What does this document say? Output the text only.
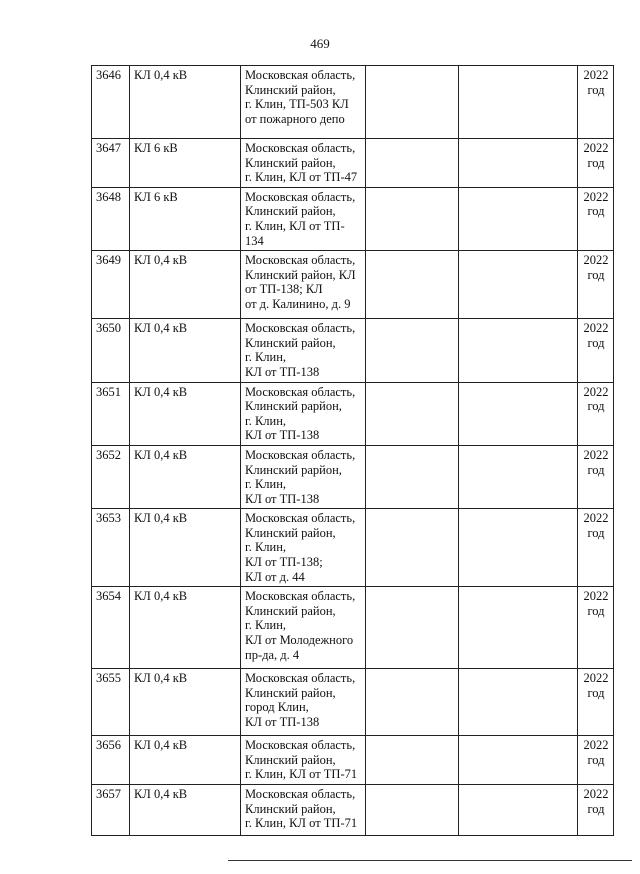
469
3646	КЛ 0,4 кВ	Московская область,
Клинский район,
г. Клин, ТП-503 КЛ
от пожарного депо			2022
год

3647	КЛ 6 кВ	Московская область,
Клинский район,
г. Клин, КЛ от ТП-47			2022
год

3648	КЛ 6 кВ	Московская область,
Клинский район,
г. Клин, КЛ от ТП-
134			2022
год

3649	КЛ 0,4 кВ	Московская область,
Клинский район, КЛ
от ТП-138; КЛ
от д. Калинино, д. 9			2022
год

3650	КЛ 0,4 кВ	Московская область,
Клинский район,
г. Клин,
КЛ от ТП-138			2022
год

3651	КЛ 0,4 кВ	Московская область,
Клинский рарйон,
г. Клин,
КЛ от ТП-138			2022
год

3652	КЛ 0,4 кВ	Московская область,
Клинский рарйон,
г. Клин,
КЛ от ТП-138			2022
год

3653	КЛ 0,4 кВ	Московская область,
Клинский район,
г. Клин,
КЛ от ТП-138;
КЛ от д. 44			2022
год

3654	КЛ 0,4 кВ	Московская область,
Клинский район,
г. Клин,
КЛ от Молодежного
пр-да, д. 4			2022
год

3655	КЛ 0,4 кВ	Московская область,
Клинский район,
город Клин,
КЛ от ТП-138			2022
год

3656	КЛ 0,4 кВ	Московская область,
Клинский район,
г. Клин, КЛ от ТП-71			2022
год

3657	КЛ 0,4 кВ	Московская область,
Клинский район,
г. Клин, КЛ от ТП-71			2022
год
